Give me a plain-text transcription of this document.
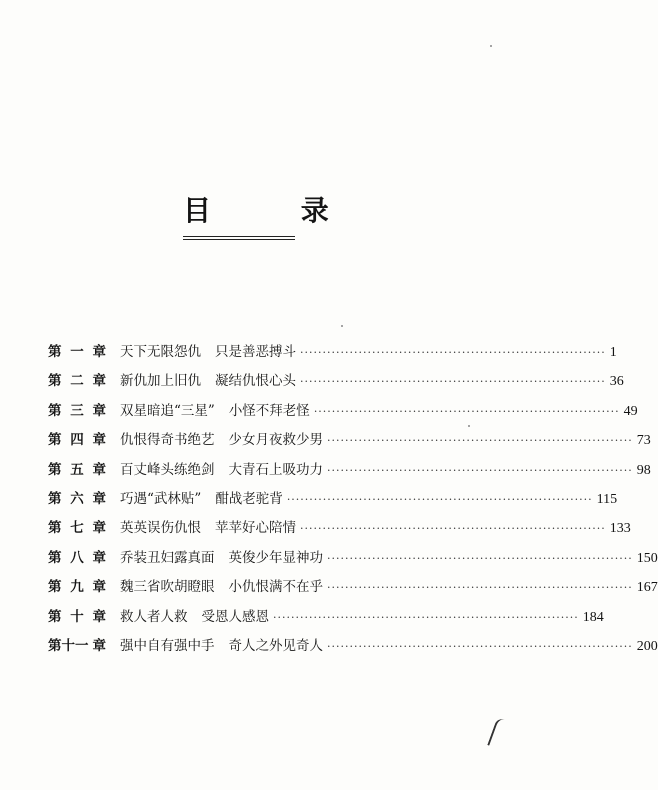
目 录
第 一 章 天下无限怨仇 只是善恶搏斗 ···································································· 1
第 二 章 新仇加上旧仇 凝结仇恨心头 ···································································· 36
第 三 章 双星暗追“三星” 小怪不拜老怪 ···································································· 49
第 四 章 仇恨得奇书绝艺 少女月夜救少男 ···································································· 73
第 五 章 百丈峰头练绝剑 大青石上吸功力 ···································································· 98
第 六 章 巧遇“武林贴” 酣战老驼背 ···································································· 115
第 七 章 英英误伤仇恨 苹苹好心陪情 ···································································· 133
第 八 章 乔装丑妇露真面 英俊少年显神功 ···································································· 150
第 九 章 魏三省吹胡瞪眼 小仇恨满不在乎 ···································································· 167
第 十 章 救人者人救 受恩人感恩 ···································································· 184
第十一 章 强中自有强中手 奇人之外见奇人 ···································································· 200
